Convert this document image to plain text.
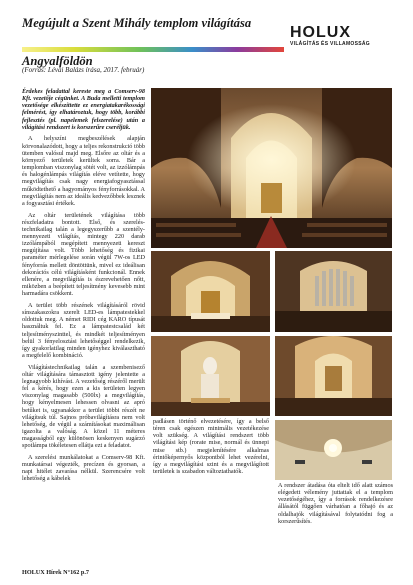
Megújult a Szent Mihály templom világítása
Angyalföldön
(Forrás: Lévai Balázs írása, 2017. február)
HOLUX
VILÁGÍTÁS ÉS VILLAMOSSÁG

Érdekes feladattal kereste meg a Comserv-98 Kft. vezetője cégünket. A Buda melletti templom vezetősége elkészíttette ez energiatakarékossági felmérést, így elhatároztuk, hogy több, korábbi fejlesztés (pl. napelemek felszerelése) után a világítási rendszert is korszerűre cseréljük.

A helyszíni megbeszélések alapján körvonalazódott, hogy a teljes rekonstrukció több ütemben valósul majd meg. Elsőre az oltár és a környező területek kerültek sorra. Bár a templomban viszonylag sötét volt, az izzólámpás és halogénlámpás világítás eléve vetítette, hogy megvilágítás csak nagy energiafogyasztással működtethető a hagyományos fényforrásokkal. A megvilágítás nem az ideális kedvezőbbek lesznek a fogyasztási értékek.

Az oltár területének világítása több részfeladatra bontott. Első, és szerelés-technikailag talán a legegyszerűbb a szentély-mennyezeti világítás, mintegy 220 darab izzólámpából megépített mennyezeti kereszt megújítása volt. Több lehetőség és fizikai paraméter mérlegelése során végül 7W-os LED fényforrás mellett döntöttünk, mivel ez ideálisan dekorációs célú világításként funkcionál. Ennek ellenére, a megvilágítás is észrevehetően nőtt, miközben a beépített teljesítmény kevesebb mint harmadára csökkent.

A terület több részének világításáról rövid sínszakaszokra szerelt LED-es lámpatestekkel oldottuk meg. A német RIDI cég KARO típusát használtuk fel. Ez a lámpatestcsalád két teljesítményszinttel, és mindkét teljesítményen belül 3 fényelosztási lehetőséggel rendelkezik, így gyakorlatilag minden igényhez kiválasztható a megfelelő kombináció.

Világítástechnikailag talán a szembenisező oltár világítására támasztott igény jelentette a legnagyobb kihívást. A vezetőség részéről merült fel a kérés, hogy ezen a kis területen legyen viszonylag magasabb (500lx) a megvilágítás, hogy kényelmesen lehessen olvasni az apró betűket is, ugyanakkor a terület többi részét ne világítsuk túl. Sajnos próbavilágításra nem volt lehetőség, de végül a számításokat maximálisan igazolta a valóság. A közel 11 méteres magasságból egy különösen keskenyen sugárzó spotlámpa tökéletesen ellátja ezt a feladatot.

A szerelési munkálatokat a Comserv-98 Kft. munkatársai végezték, precízen és gyorsan, a napi hitélet zavarása nélkül. Szerencsére volt lehetőség a kábelek

padlásen történő elvezetésére, így a belső téren csak egészen minimális vezetékezése volt szükség. A világítási rendszert több világítási kép (rorate mise, normál és ünnepi mise stb.) megjelenítésére alkalmas érintőképernyős központból lehet vezérelni, így a megvilágítási szint és a megvilágított területek is szabadon változtathatók.

A rendszer átadása óta eltelt idő alatt számos elégedett vélemény juttattak el a templom vezetőségéhez, így a források rendelkezésre állásától függően várhatóan a főhajó és az oldalhajók világításával folytatódni fog a korszerűsítés.

HOLUX Hírek N°162 p.7
